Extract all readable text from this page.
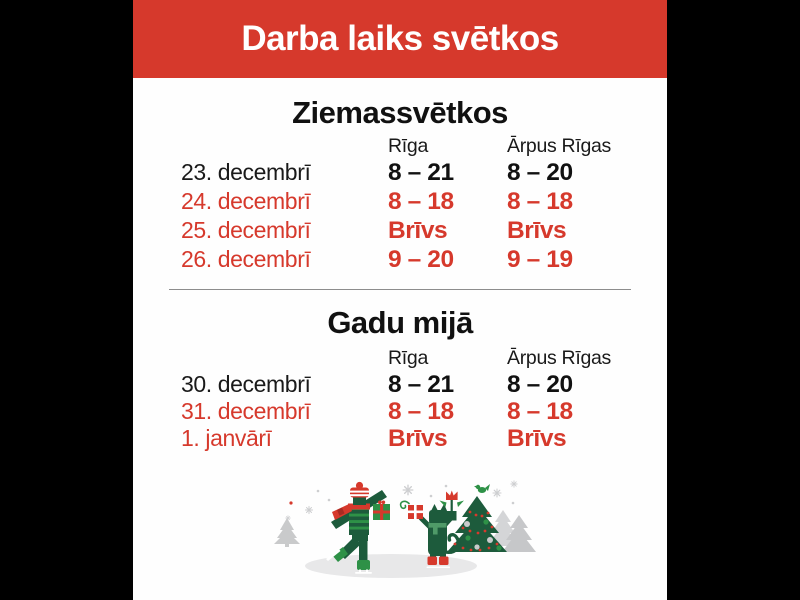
Darba laiks svētkos
Ziemassvētkos
Rīga	Ārpus Rīgas
23. decembrī	8 – 21	8 – 20
24. decembrī	8 – 18	8 – 18
25. decembrī	Brīvs	Brīvs
26. decembrī	9 – 20	9 – 19
Gadu mijā
Rīga	Ārpus Rīgas
30. decembrī	8 – 21	8 – 20
31. decembrī	8 – 18	8 – 18
1. janvārī	Brīvs	Brīvs
